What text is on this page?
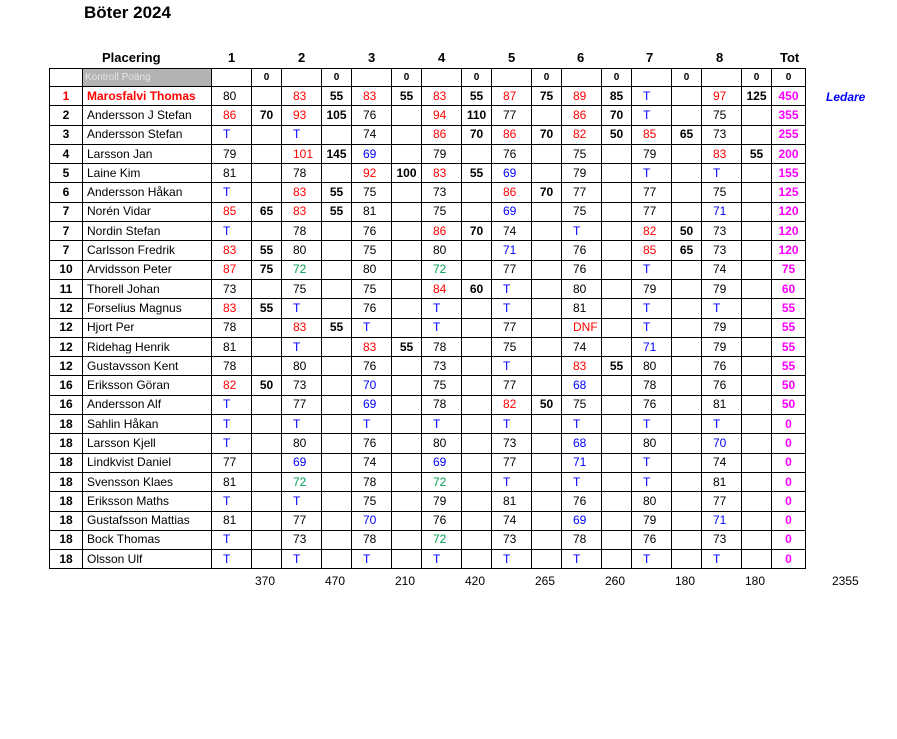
Böter 2024
Placering	1	2	3	4	5	6	7	8	Tot
	Kontroll Poäng		0		0		0		0		0		0		0		0	0
1	Marosfalvi Thomas	80		83	55	83	55	83	55	87	75	89	85	T		97	125	450
2	Andersson J Stefan	86	70	93	105	76		94	110	77		86	70	T		75		355
3	Andersson Stefan	T		T		74		86	70	86	70	82	50	85	65	73		255
4	Larsson Jan	79		101	145	69		79		76		75		79		83	55	200
5	Laine Kim	81		78		92	100	83	55	69		79		T		T		155
6	Andersson Håkan	T		83	55	75		73		86	70	77		77		75		125
7	Norén Vidar	85	65	83	55	81		75		69		75		77		71		120
7	Nordin Stefan	T		78		76		86	70	74		T		82	50	73		120
7	Carlsson Fredrik	83	55	80		75		80		71		76		85	65	73		120
10	Arvidsson Peter	87	75	72		80		72		77		76		T		74		75
11	Thorell Johan	73		75		75		84	60	T		80		79		79		60
12	Forselius Magnus	83	55	T		76		T		T		81		T		T		55
12	Hjort Per	78		83	55	T		T		77		DNF		T		79		55
12	Ridehag Henrik	81		T		83	55	78		75		74		71		79		55
12	Gustavsson Kent	78		80		76		73		T		83	55	80		76		55
16	Eriksson Göran	82	50	73		70		75		77		68		78		76		50
16	Andersson Alf	T		77		69		78		82	50	75		76		81		50
18	Sahlin Håkan	T		T		T		T		T		T		T		T		0
18	Larsson Kjell	T		80		76		80		73		68		80		70		0
18	Lindkvist Daniel	77		69		74		69		77		71		T		74		0
18	Svensson Klaes	81		72		78		72		T		T		T		81		0
18	Eriksson Maths	T		T		75		79		81		76		80		77		0
18	Gustafsson Mattias	81		77		70		76		74		69		79		71		0
18	Bock Thomas	T		73		78		72		73		78		76		73		0
18	Olsson Ulf	T		T		T		T		T		T		T		T		0
Ledare
370	470	210	420	265	260	180	180	2355
